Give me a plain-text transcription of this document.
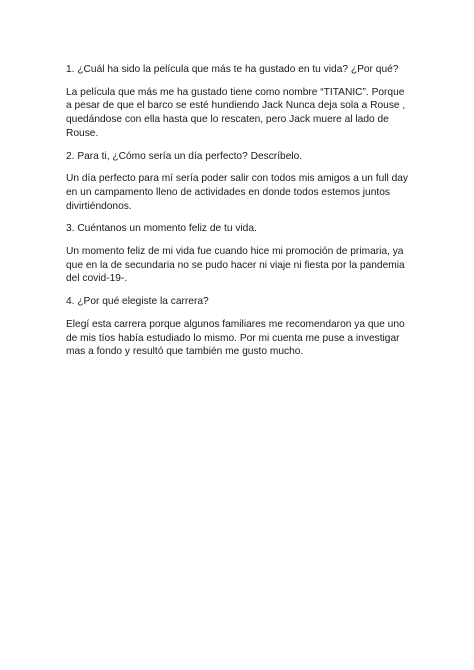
1. ¿Cuál ha sido la película que más te ha gustado en tu vida? ¿Por qué?

La película que más me ha gustado tiene como nombre “TITANIC”. Porque a pesar de que el barco se esté hundiendo Jack Nunca deja sola a Rouse , quedándose con ella hasta que lo rescaten, pero Jack muere al lado de Rouse.

2. Para ti, ¿Cómo sería un día perfecto? Descríbelo.

Un día perfecto para mí sería poder salir con todos mis amigos a un full day en un campamento lleno de actividades en donde todos estemos juntos divirtiéndonos.

3. Cuéntanos un momento feliz de tu vida.

Un momento feliz de mi vida fue cuando hice mi promoción de primaria, ya que en la de secundaria no se pudo hacer ni viaje ni fiesta por la pandemia del covid-19-.

4. ¿Por qué elegiste la carrera?

Elegí esta carrera porque algunos familiares me recomendaron ya que uno de mis tíos había estudiado lo mismo. Por mi cuenta me puse a investigar mas a fondo y resultó que también me gusto mucho.
